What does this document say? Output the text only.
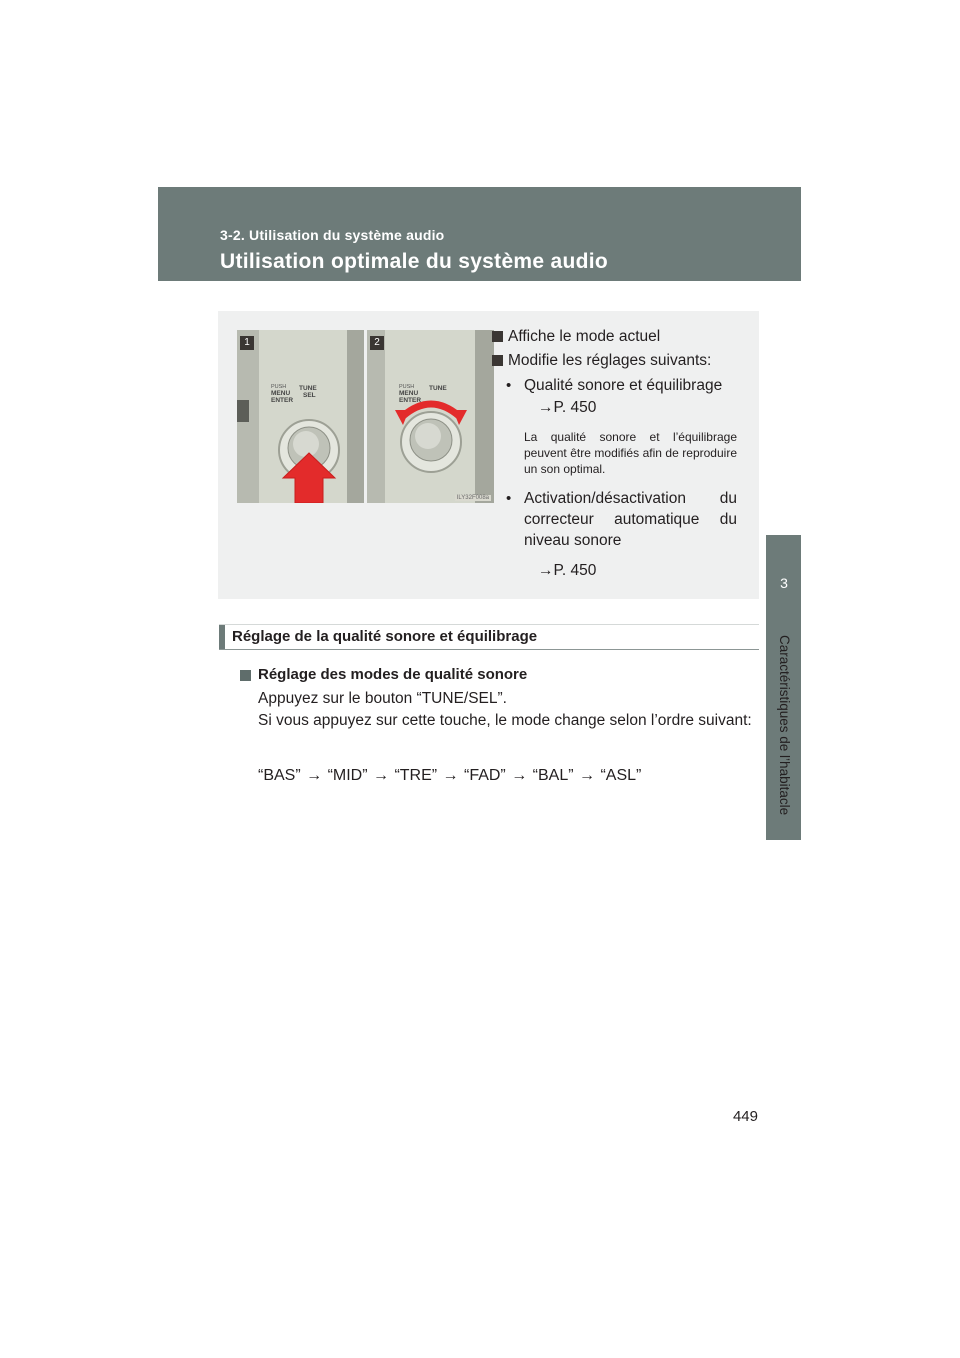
3-2. Utilisation du système audio
Utilisation optimale du système audio
3
Caractéristiques de l’habitacle
PUSH
MENU
ENTER
TUNE
SEL
1
PUSH
MENU
ENTER
TUNE
2
ILY32F008a
Affiche le mode actuel
Modifie les réglages suivants:
• Qualité sonore et équilibrage
→P. 450
La qualité sonore et l’équilibrage peuvent être modifiés afin de reproduire un son optimal.
• Activation/désactivation du correcteur automatique du niveau sonore
→P. 450
Réglage de la qualité sonore et équilibrage
Réglage des modes de qualité sonore
Appuyez sur le bouton “TUNE/SEL”.
Si vous appuyez sur cette touche, le mode change selon l’ordre suivant:
“BAS” → “MID” → “TRE” → “FAD” → “BAL” → “ASL”
449
